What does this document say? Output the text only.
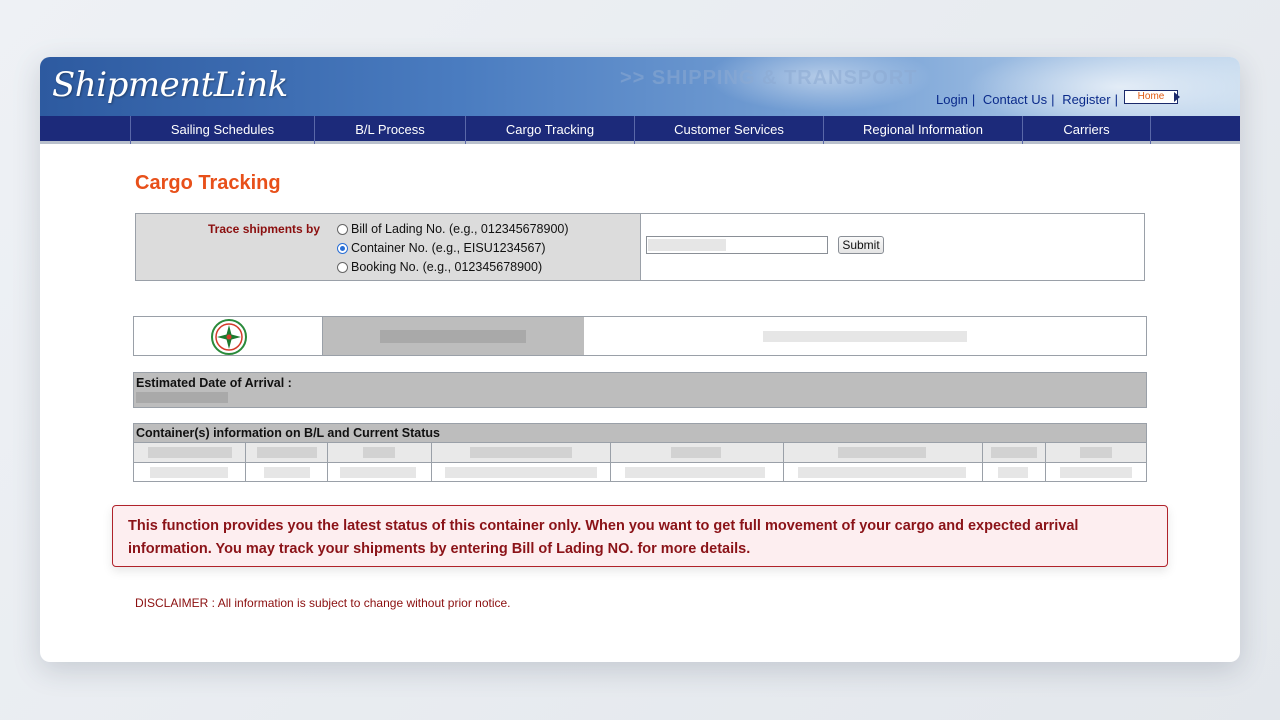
ShipmentLink	>> SHIPPING & TRANSPORT
Login | Contact Us | Register |	Home
Sailing Schedules	B/L Process	Cargo Tracking	Customer Services	Regional Information	Carriers
Cargo Tracking
Trace shipments by Bill of Lading No. (e.g., 012345678900)
Container No. (e.g., EISU1234567)
Booking No. (e.g., 012345678900)
Submit
Estimated Date of Arrival :
Container(s) information on B/L and Current Status
This function provides you the latest status of this container only. When you want to get full movement of your cargo and expected arrival information. You may track your shipments by entering Bill of Lading NO. for more details.
DISCLAIMER : All information is subject to change without prior notice.
